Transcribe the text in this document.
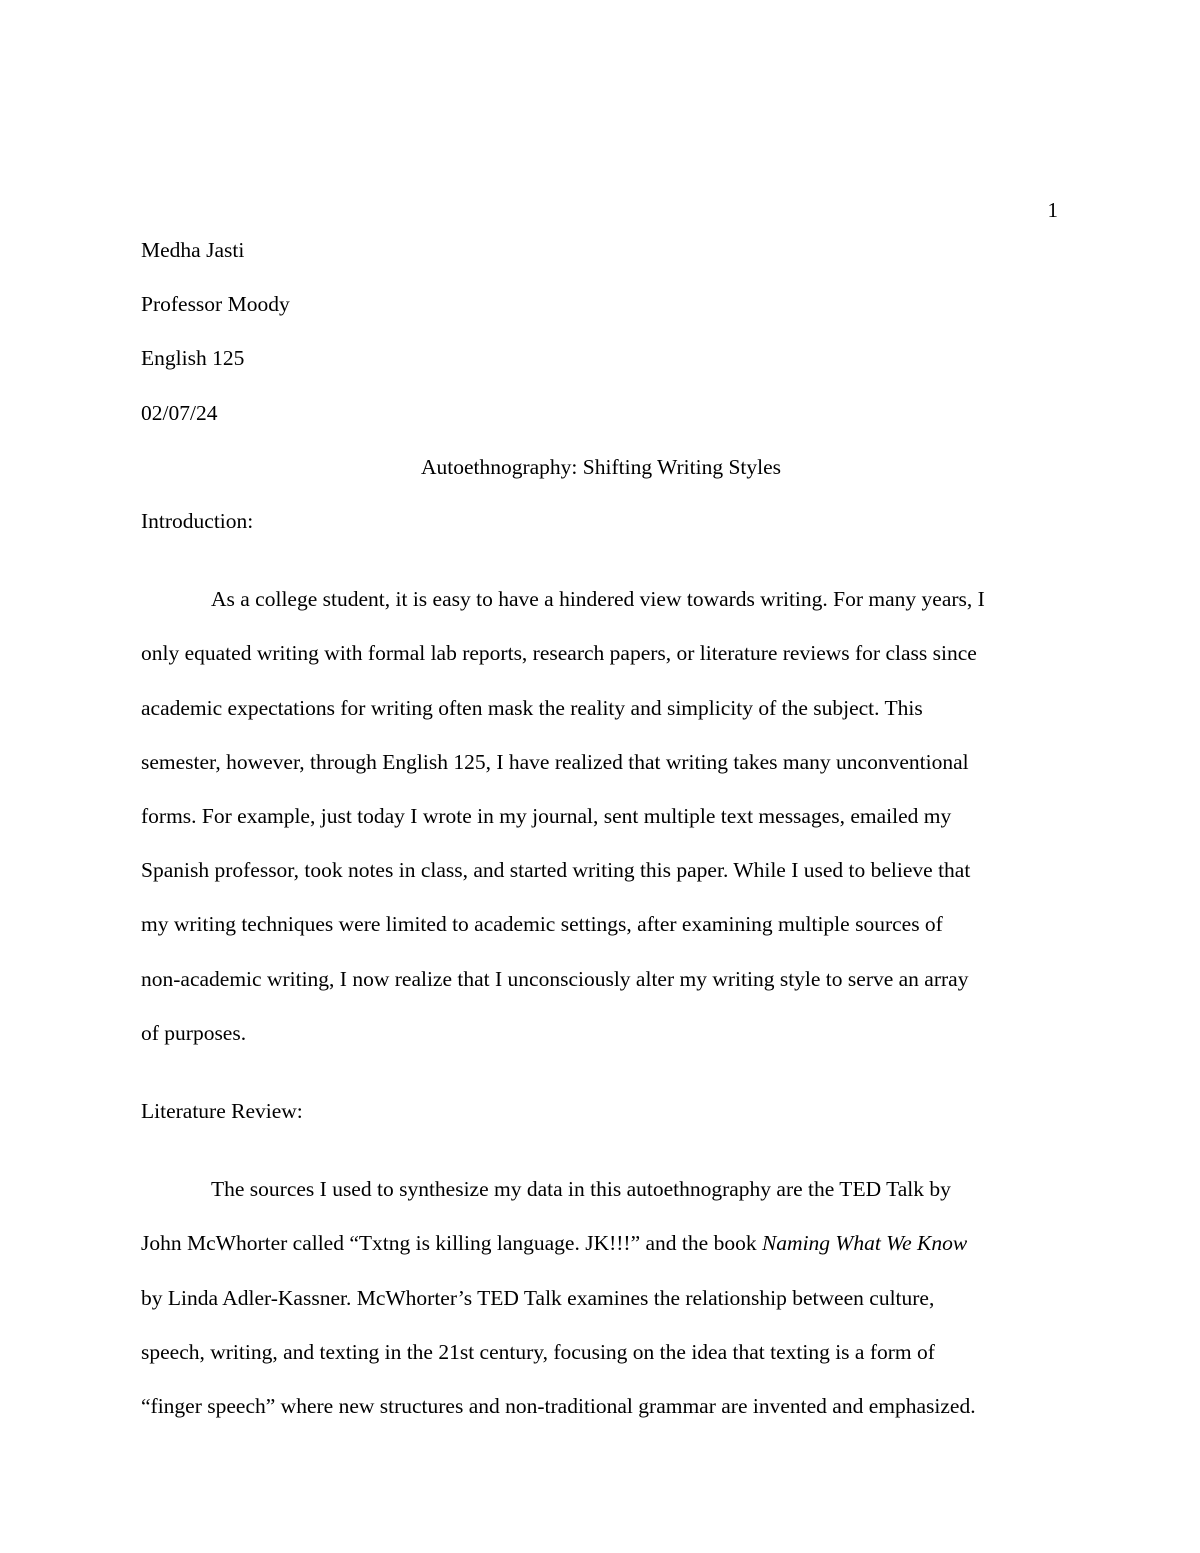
1

Medha Jasti

Professor Moody

English 125

02/07/24

Autoethnography: Shifting Writing Styles

Introduction:

As a college student, it is easy to have a hindered view towards writing. For many years, I

only equated writing with formal lab reports, research papers, or literature reviews for class since

academic expectations for writing often mask the reality and simplicity of the subject. This

semester, however, through English 125, I have realized that writing takes many unconventional

forms. For example, just today I wrote in my journal, sent multiple text messages, emailed my

Spanish professor, took notes in class, and started writing this paper. While I used to believe that

my writing techniques were limited to academic settings, after examining multiple sources of

non-academic writing, I now realize that I unconsciously alter my writing style to serve an array

of purposes.

Literature Review:

The sources I used to synthesize my data in this autoethnography are the TED Talk by

John McWhorter called “Txtng is killing language. JK!!!” and the book Naming What We Know

by Linda Adler-Kassner. McWhorter’s TED Talk examines the relationship between culture,

speech, writing, and texting in the 21st century, focusing on the idea that texting is a form of

“finger speech” where new structures and non-traditional grammar are invented and emphasized.
